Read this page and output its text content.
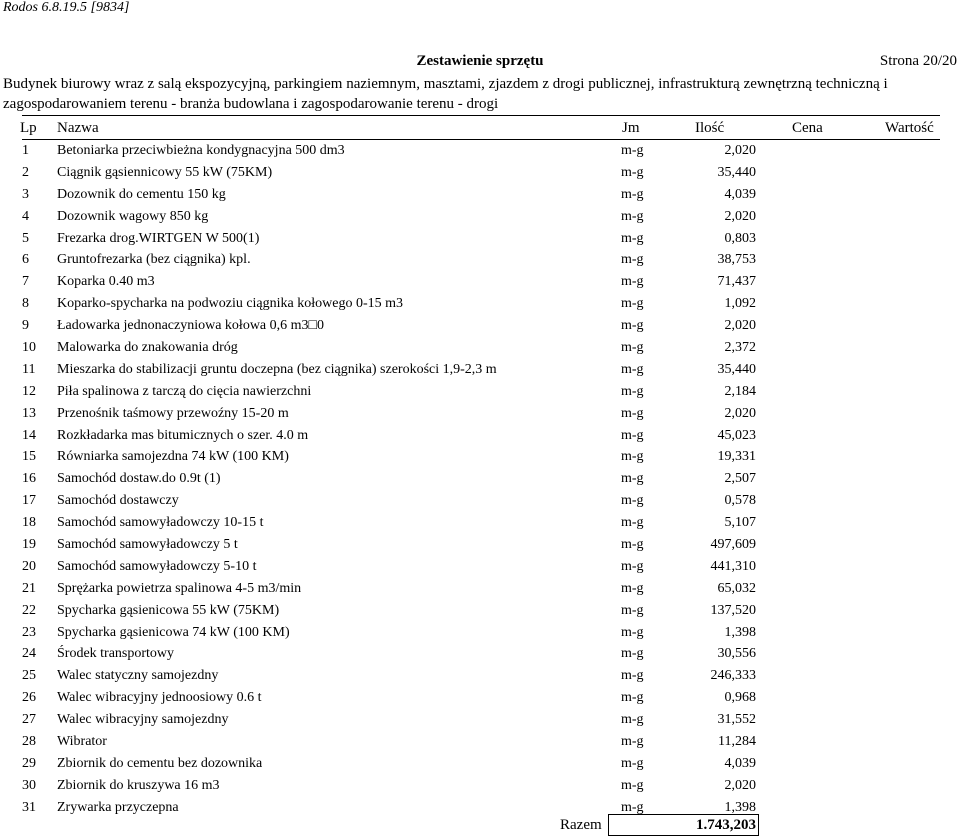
Rodos 6.8.19.5 [9834]
Zestawienie sprzętu	Strona 20/20
Budynek biurowy wraz z salą ekspozycyjną, parkingiem naziemnym, masztami, zjazdem z drogi publicznej, infrastrukturą zewnętrzną techniczną i zagospodarowaniem terenu - branża budowlana i zagospodarowanie terenu - drogi
Lp Nazwa	Jm	Ilość	Cena	Wartość
1	Betoniarka przeciwbieżna kondygnacyjna 500 dm3	m-g	2,020
2	Ciągnik gąsiennicowy 55 kW (75KM)	m-g	35,440
3	Dozownik do cementu 150 kg	m-g	4,039
4	Dozownik wagowy 850 kg	m-g	2,020
5	Frezarka drog.WIRTGEN W 500(1)	m-g	0,803
6	Gruntofrezarka (bez ciągnika) kpl.	m-g	38,753
7	Koparka 0.40 m3	m-g	71,437
8	Koparko-spycharka na podwoziu ciągnika kołowego 0-15 m3	m-g	1,092
9	Ładowarka jednonaczyniowa kołowa 0,6 m3□0	m-g	2,020
10	Malowarka do znakowania dróg	m-g	2,372
11	Mieszarka do stabilizacji gruntu doczepna (bez ciągnika) szerokości 1,9-2,3 m	m-g	35,440
12	Piła spalinowa z tarczą do cięcia nawierzchni	m-g	2,184
13	Przenośnik taśmowy przewoźny 15-20 m	m-g	2,020
14	Rozkładarka mas bitumicznych o szer. 4.0 m	m-g	45,023
15	Równiarka samojezdna 74 kW (100 KM)	m-g	19,331
16	Samochód dostaw.do 0.9t (1)	m-g	2,507
17	Samochód dostawczy	m-g	0,578
18	Samochód samowyładowczy 10-15 t	m-g	5,107
19	Samochód samowyładowczy 5 t	m-g	497,609
20	Samochód samowyładowczy 5-10 t	m-g	441,310
21	Sprężarka powietrza spalinowa 4-5 m3/min	m-g	65,032
22	Spycharka gąsienicowa 55 kW (75KM)	m-g	137,520
23	Spycharka gąsienicowa 74 kW (100 KM)	m-g	1,398
24	Środek transportowy	m-g	30,556
25	Walec statyczny samojezdny	m-g	246,333
26	Walec wibracyjny jednoosiowy 0.6 t	m-g	0,968
27	Walec wibracyjny samojezdny	m-g	31,552
28	Wibrator	m-g	11,284
29	Zbiornik do cementu bez dozownika	m-g	4,039
30	Zbiornik do kruszywa 16 m3	m-g	2,020
31	Zrywarka przyczepna	m-g	1,398
Razem	1.743,203
